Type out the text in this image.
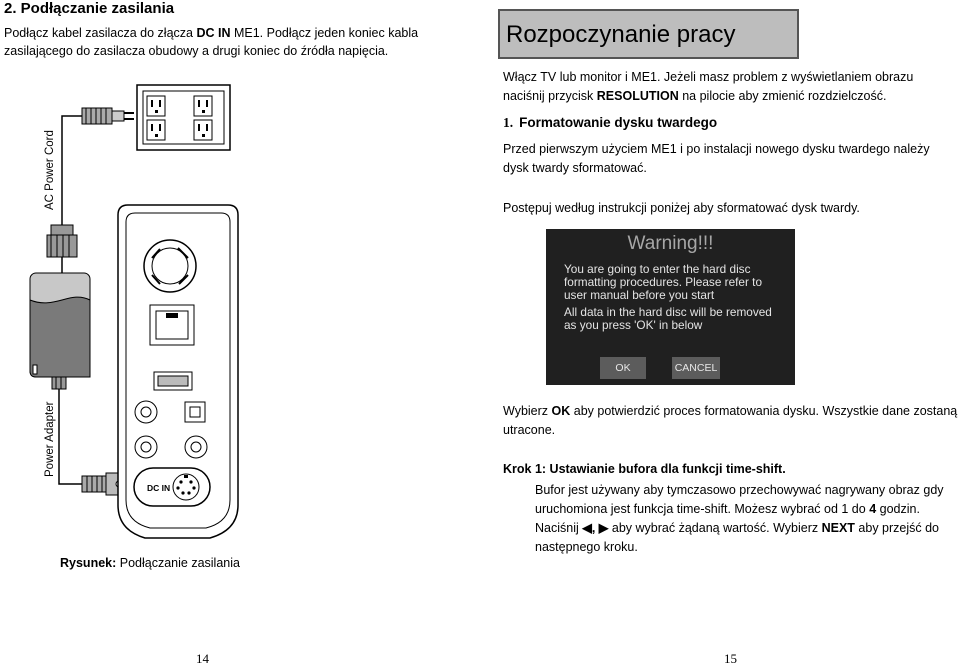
2. Podłączanie zasilania
Podłącz kabel zasilacza do złącza DC IN ME1. Podłącz jeden koniec kabla
zasilającego do zasilacza obudowy a drugi koniec do źródła napięcia.
AC Power Cord
Power Adapter
DC IN
Rysunek: Podłączanie zasilania
14
Rozpoczynanie pracy
Włącz TV lub monitor i ME1. Jeżeli masz problem z wyświetlaniem obrazu naciśnij przycisk RESOLUTION na pilocie aby zmienić rozdzielczość.
1. Formatowanie dysku twardego
Przed pierwszym użyciem ME1 i po instalacji nowego dysku twardego należy dysk twardy sformatować.
Postępuj według instrukcji poniżej aby sformatować dysk twardy.
Warning!!!
You are going to enter the hard disc
formatting procedures. Please refer to
user manual before you start
All data in the hard disc will be removed
as you press 'OK' in below
OK	CANCEL
Wybierz OK aby potwierdzić proces formatowania dysku. Wszystkie dane zostaną utracone.
Krok 1: Ustawianie bufora dla funkcji time-shift.
Bufor jest używany aby tymczasowo przechowywać nagrywany obraz gdy uruchomiona jest funkcja time-shift. Możesz wybrać od 1 do 4 godzin. Naciśnij ◀, ▶ aby wybrać żądaną wartość. Wybierz NEXT aby przejść do następnego kroku.
15
